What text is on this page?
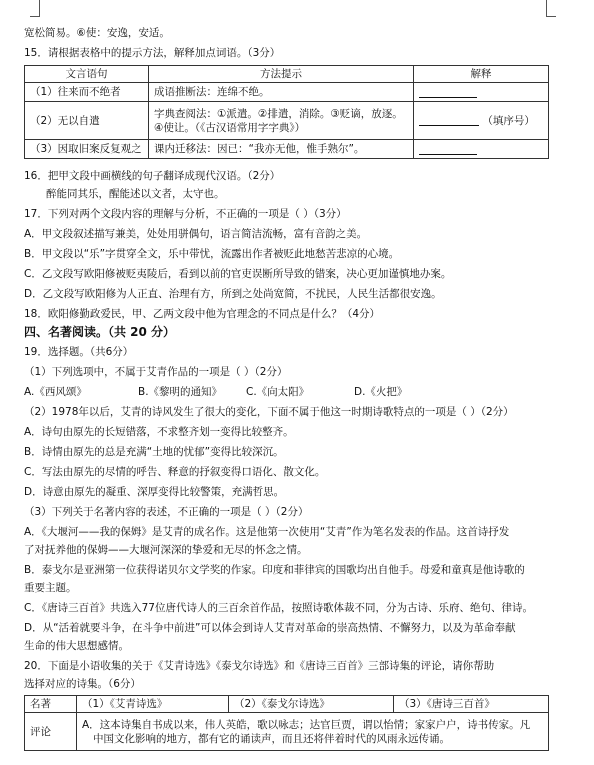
宽松简易。⑥使：安逸，安适。
15．请根据表格中的提示方法，解释加点词语。（3分）
文言语句	方法提示	解释
（1）往来而不绝者	成语推断法：连绵不绝。	
（2）无以自遣	字典查阅法：①派遣。②排遣，消除。③贬谪，放逐。④使让。（《古汉语常用字字典》）	（填序号）
（3）因取旧案反复观之	课内迁移法：因已：“我亦无他，惟手熟尔”。	
16．把甲文段中画横线的句子翻译成现代汉语。（2分）
醉能同其乐，醒能述以文者，太守也。
17．下列对两个文段内容的理解与分析，不正确的一项是（ ）（3分）
A．甲文段叙述描写兼美，处处用骈偶句，语言简洁流畅，富有音韵之美。
B．甲文段以“乐”字贯穿全文，乐中带忧，流露出作者被贬此地愁苦悲凉的心境。
C．乙文段写欧阳修被贬夷陵后，看到以前的官吏误断所导致的错案，决心更加谨慎地办案。
D．乙文段写欧阳修为人正直、治理有方，所到之处尚宽简，不扰民，人民生活都很安逸。
18．欧阳修勤政爱民，甲、乙两文段中他为官理念的不同点是什么？（4分）
四、名著阅读。（共 20 分）
19．选择题。（共6分）
（1）下列选项中，不属于艾青作品的一项是（ ）（2分）
A.《西风颂》	B.《黎明的通知》 C.《向太阳》	D.《火把》
（2）1978年以后，艾青的诗风发生了很大的变化，下面不属于他这一时期诗歌特点的一项是（ ）（2分）
A．诗句由原先的长短错落，不求整齐划一变得比较整齐。
B．诗情由原先的总是充满“土地的忧郁”变得比较深沉。
C．写法由原先的尽情的呼告、释意的抒叙变得口语化、散文化。
D．诗意由原先的凝重、深厚变得比较警策，充满哲思。
（3）下列关于名著内容的表述，不正确的一项是（ ）（2分）
A．《大堰河——我的保姆》是艾青的成名作。这是他第一次使用“艾青”作为笔名发表的作品。这首诗抒发
了对抚养他的保姆——大堰河深深的挚爱和无尽的怀念之情。
B．泰戈尔是亚洲第一位获得诺贝尔文学奖的作家。印度和菲律宾的国歌均出自他手。母爱和童真是他诗歌的
重要主题。
C．《唐诗三百首》共选入77位唐代诗人的三百余首作品，按照诗歌体裁不同，分为古诗、乐府、绝句、律诗。
D．从“活着就要斗争，在斗争中前进”可以体会到诗人艾青对革命的崇高热情、不懈努力，以及为革命奉献
生命的伟大思想感情。
20．下面是小语收集的关于《艾青诗选》《泰戈尔诗选》和《唐诗三百首》三部诗集的评论，请你帮助
选择对应的诗集。（6分）
名著	（1）《艾青诗选》	（2）《泰戈尔诗选》	（3）《唐诗三百首》
评论	A．这本诗集自书成以来，伟人英皓，歌以咏志；达官巨贾，谓以怡情；家家户户，诗书传家。凡
中国文化影响的地方，都有它的诵读声，而且还将伴着时代的风雨永远传诵。		
